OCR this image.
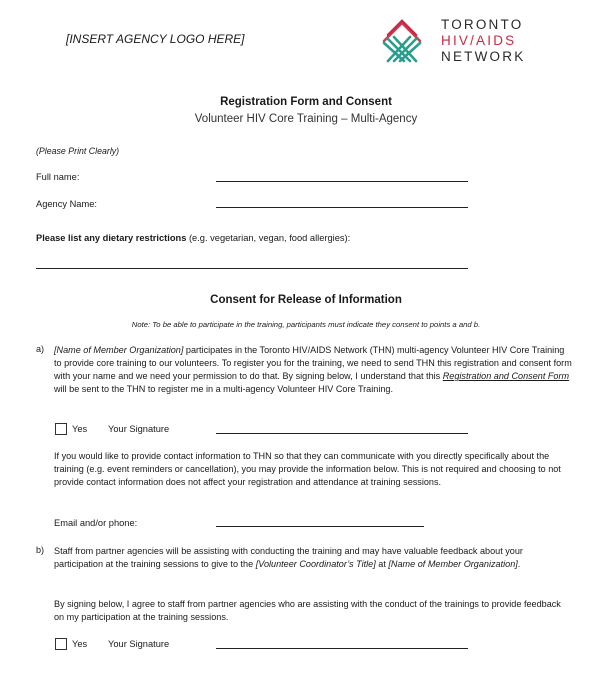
[INSERT AGENCY LOGO HERE]
TORONTO
HIV/AIDS
NETWORK
Registration Form and Consent
Volunteer HIV Core Training – Multi-Agency
(Please Print Clearly)
Full name:
Agency Name:
Please list any dietary restrictions (e.g. vegetarian, vegan, food allergies):
Consent for Release of Information
Note: To be able to participate in the training, participants must indicate they consent to points a and b.
a) [Name of Member Organization] participates in the Toronto HIV/AIDS Network (THN) multi-agency Volunteer HIV Core Training to provide core training to our volunteers. To register you for the training, we need to send THN this registration and consent form with your name and we need your permission to do that. By signing below, I understand that this Registration and Consent Form will be sent to the THN to register me in a multi-agency Volunteer HIV Core Training.
Yes Your Signature
If you would like to provide contact information to THN so that they can communicate with you directly specifically about the training (e.g. event reminders or cancellation), you may provide the information below. This is not required and choosing to not provide contact information does not affect your registration and attendance at training sessions.
Email and/or phone:
b) Staff from partner agencies will be assisting with conducting the training and may have valuable feedback about your participation at the training sessions to give to the [Volunteer Coordinator’s Title] at [Name of Member Organization].
By signing below, I agree to staff from partner agencies who are assisting with the conduct of the trainings to provide feedback on my participation at the training sessions.
Yes Your Signature
